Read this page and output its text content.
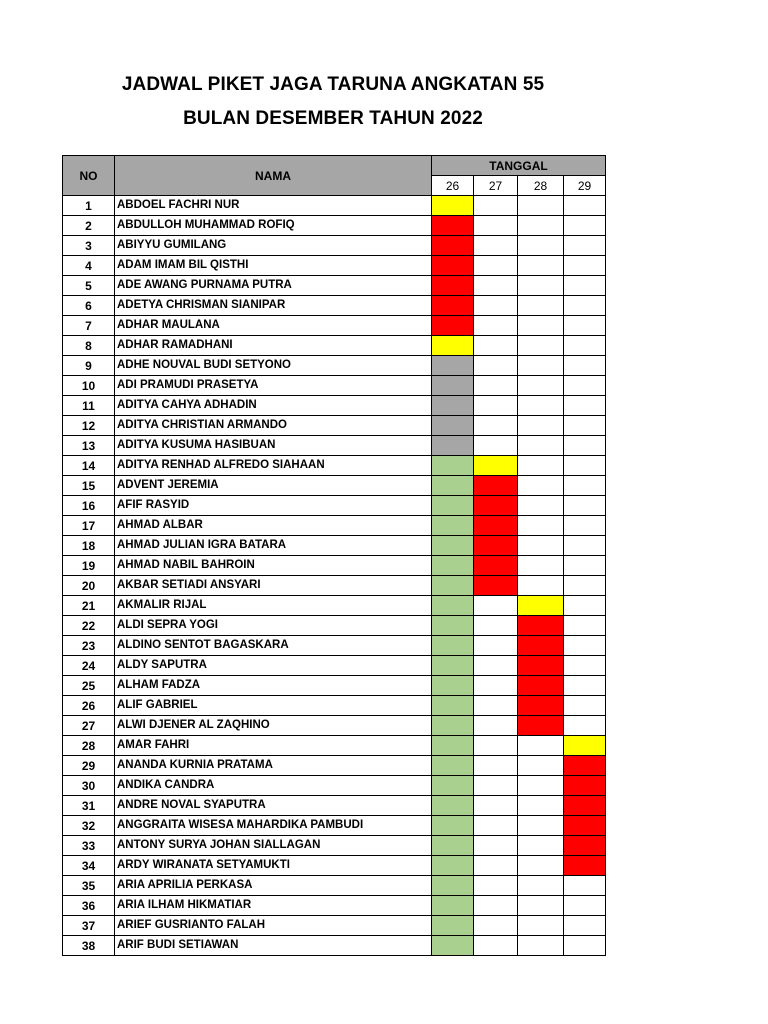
JADWAL PIKET JAGA TARUNA ANGKATAN 55
BULAN DESEMBER TAHUN 2022
NO	NAMA	TANGGAL			
		26	27	28	29
1	ABDOEL FACHRI NUR				
2	ABDULLOH MUHAMMAD ROFIQ				
3	ABIYYU GUMILANG				
4	ADAM IMAM BIL QISTHI				
5	ADE AWANG PURNAMA PUTRA				
6	ADETYA CHRISMAN SIANIPAR				
7	ADHAR MAULANA				
8	ADHAR RAMADHANI				
9	ADHE NOUVAL BUDI SETYONO				
10	ADI PRAMUDI PRASETYA				
11	ADITYA CAHYA ADHADIN				
12	ADITYA CHRISTIAN ARMANDO				
13	ADITYA KUSUMA HASIBUAN				
14	ADITYA RENHAD ALFREDO SIAHAAN				
15	ADVENT JEREMIA				
16	AFIF RASYID				
17	AHMAD ALBAR				
18	AHMAD JULIAN IGRA BATARA				
19	AHMAD NABIL BAHROIN				
20	AKBAR SETIADI ANSYARI				
21	AKMALIR RIJAL				
22	ALDI SEPRA YOGI				
23	ALDINO SENTOT BAGASKARA				
24	ALDY SAPUTRA				
25	ALHAM FADZA				
26	ALIF GABRIEL				
27	ALWI DJENER AL ZAQHINO				
28	AMAR FAHRI				
29	ANANDA KURNIA PRATAMA				
30	ANDIKA CANDRA				
31	ANDRE NOVAL SYAPUTRA				
32	ANGGRAITA WISESA MAHARDIKA PAMBUDI				
33	ANTONY SURYA JOHAN SIALLAGAN				
34	ARDY WIRANATA SETYAMUKTI				
35	ARIA APRILIA PERKASA				
36	ARIA ILHAM HIKMATIAR				
37	ARIEF GUSRIANTO FALAH				
38	ARIF BUDI SETIAWAN				
